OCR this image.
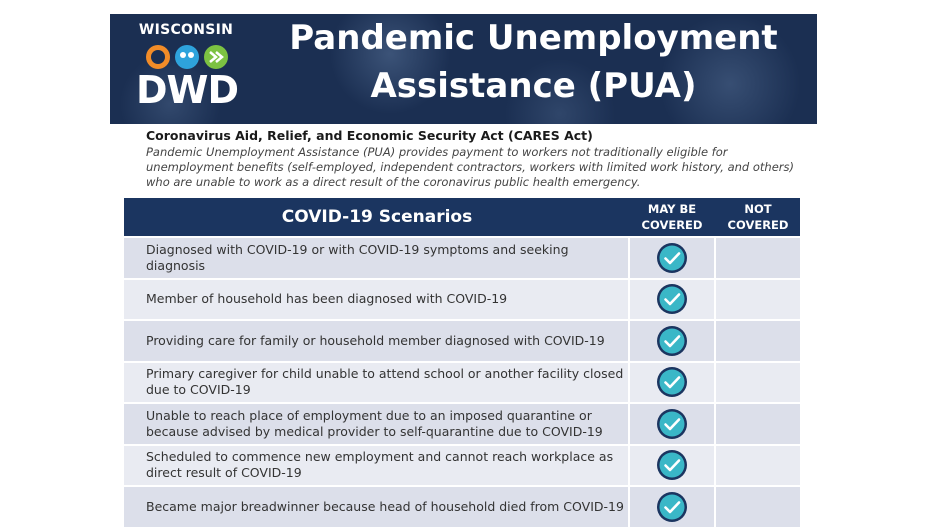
WISCONSIN
DWD
Pandemic Unemployment
Assistance (PUA)
Coronavirus Aid, Relief, and Economic Security Act (CARES Act)
Pandemic Unemployment Assistance (PUA) provides payment to workers not traditionally eligible for unemployment benefits (self-employed, independent contractors, workers with limited work history, and others) who are unable to work as a direct result of the coronavirus public health emergency.
COVID-19 Scenarios	MAY BE
COVERED
NOT
COVERED
Diagnosed with COVID-19 or with COVID-19 symptoms and seeking diagnosis
Member of household has been diagnosed with COVID-19
Providing care for family or household member diagnosed with COVID-19
Primary caregiver for child unable to attend school or another facility closed due to COVID-19
Unable to reach place of employment due to an imposed quarantine or because advised by medical provider to self-quarantine due to COVID-19
Scheduled to commence new employment and cannot reach workplace as direct result of COVID-19
Became major breadwinner because head of household died from COVID-19
